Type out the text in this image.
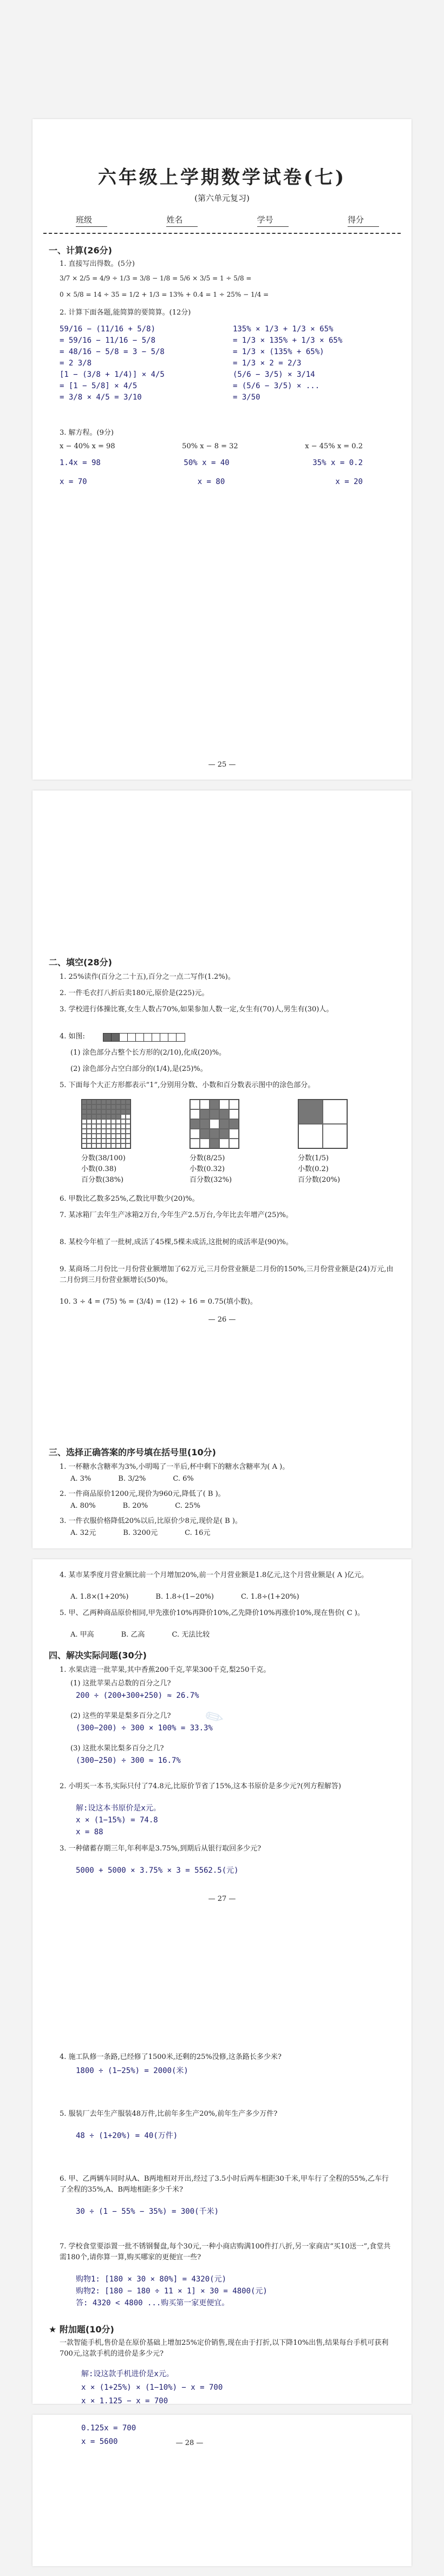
六年级上学期数学试卷(七)
(第六单元复习)
班级	姓名	学号	得分
一、计算(26分)
1. 直接写出得数。(5分)
3/7 × 2/5 = 4/9 ÷ 1/3 = 3/8 − 1/8 = 5/6 × 3/5 = 1 ÷ 5/8 =
0 × 5/8 = 14 ÷ 35 = 1/2 + 1/3 = 13% + 0.4 = 1 ÷ 25% − 1/4 =
2. 计算下面各题,能简算的要简算。(12分)
59/16 − (11/16 + 5/8)
= 59/16 − 11/16 − 5/8
= 48/16 − 5/8 = 3 − 5/8
= 2 3/8
[1 − (3/8 + 1/4)] × 4/5
= [1 − 5/8] × 4/5
= 3/8 × 4/5 = 3/10
135% × 1/3 + 1/3 × 65%
= 1/3 × 135% + 1/3 × 65%
= 1/3 × (135% + 65%)
= 1/3 × 2 = 2/3
(5/6 − 3/5) × 3/14
= (5/6 − 3/5) × ...
= 3/50
3. 解方程。(9分)
x − 40% x = 98	50% x − 8 = 32	x − 45% x = 0.2
1.4x = 98	50% x = 40	35% x = 0.2
x = 70	x = 80	x = 20
— 25 —
二、填空(28分)
1. 25%读作(百分之二十五),百分之一点二写作(1.2%)。
2. 一件毛衣打八折后卖180元,原价是(225)元。
3. 学校进行体操比赛,女生人数占70%,如果参加人数一定,女生有(70)人,男生有(30)人。
4. 如图:
(1) 涂色部分占整个长方形的(2/10),化成(20)%。
(2) 涂色部分占空白部分的(1/4),是(25)%。
5. 下面每个大正方形都表示“1”,分别用分数、小数和百分数表示图中的涂色部分。
分数(38/100)
小数(0.38)
百分数(38%)
分数(8/25)
小数(0.32)
百分数(32%)
分数(1/5)
小数(0.2)
百分数(20%)
6. 甲数比乙数多25%,乙数比甲数少(20)%。
7. 某冰箱厂去年生产冰箱2万台,今年生产2.5万台,今年比去年增产(25)%。
8. 某校今年植了一批树,成活了45棵,5棵未成活,这批树的成活率是(90)%。
9. 某商场二月份比一月份营业额增加了62万元,三月份营业额是二月份的150%,三月份营业额是(24)万元,由二月份到三月份营业额增长(50)%。
10. 3 ÷ 4 = (75) % = (3/4) = (12) ÷ 16 = 0.75(填小数)。
— 26 —
三、选择正确答案的序号填在括号里(10分)
1. 一杯糖水含糖率为3%,小明喝了一半后,杯中剩下的糖水含糖率为( A )。
A. 3%	B. 3/2%	C. 6%
2. 一件商品原价1200元,现价为960元,降低了( B )。
A. 80%	B. 20%	C. 25%
3. 一件衣服价格降低20%以后,比原价少8元,现价是( B )。
A. 32元	B. 3200元	C. 16元
4. 某市某季度月营业额比前一个月增加20%,前一个月营业额是1.8亿元,这个月营业额是( A )亿元。
A. 1.8×(1+20%)	B. 1.8÷(1−20%)	C. 1.8÷(1+20%)
5. 甲、乙两种商品原价相同,甲先涨价10%再降价10%,乙先降价10%再涨价10%,现在售价( C )。
A. 甲高	B. 乙高	C. 无法比较
四、解决实际问题(30分)
1. 水果店进一批苹果,其中香蕉200千克,苹果300千克,梨250千克。
(1) 这批苹果占总数的百分之几?
200 ÷ (200+300+250) ≈ 26.7%
(2) 这些的苹果是梨多百分之几?
(300−200) ÷ 300 × 100% = 33.3%
(3) 这批水果比梨多百分之几?
(300−250) ÷ 300 ≈ 16.7%
✎
2. 小明买一本书,实际只付了74.8元,比原价节省了15%,这本书原价是多少元?(列方程解答)
解:设这本书原价是x元。
x × (1−15%) = 74.8
x = 88
3. 一种储蓄存期三年,年利率是3.75%,到期后从银行取回多少元?
5000 + 5000 × 3.75% × 3 = 5562.5(元)
— 27 —
4. 施工队修一条路,已经修了1500米,还剩的25%没修,这条路长多少米?
1800 ÷ (1−25%) = 2000(米)
5. 服装厂去年生产服装48万件,比前年多生产20%,前年生产多少万件?
48 ÷ (1+20%) = 40(万件)
6. 甲、乙两辆车同时从A、B两地相对开出,经过了3.5小时后两车相距30千米,甲车行了全程的55%,乙车行了全程的35%,A、B两地相距多少千米?
30 ÷ (1 − 55% − 35%) = 300(千米)
7. 学校食堂要添置一批不锈钢餐盘,每个30元,一种小商店购满100件打八折,另一家商店“买10送一”,食堂共需180个,请你算一算,购买哪家的更便宜一些?
购物1: [180 × 30 × 80%] = 4320(元)
购物2: [180 − 180 ÷ 11 × 1] × 30 = 4800(元)
答: 4320 < 4800 ...购买第一家更便宜。
★ 附加题(10分)
一款智能手机,售价是在原价基础上增加25%定价销售,现在由于打折,以下降10%出售,结果每台手机可获利700元,这款手机的进价是多少元?
解:设这款手机进价是x元。
x × (1+25%) × (1−10%) − x = 700
x × 1.125 − x = 700
0.125x = 700
x = 5600	— 28 —
